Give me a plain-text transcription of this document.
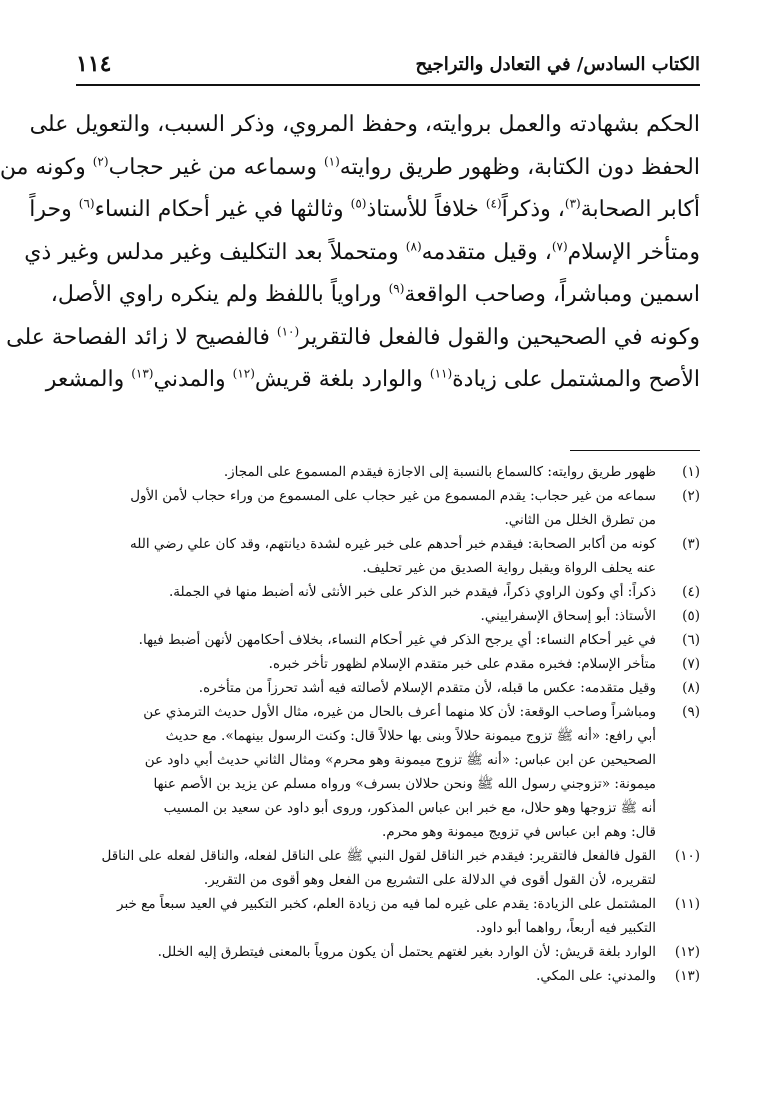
الكتاب السادس/ في التعادل والتراجيح
١١٤
الحكم بشهادته والعمل بروايته، وحفظ المروي، وذكر السبب، والتعويل على
الحفظ دون الكتابة، وظهور طريق روايته$^{(١)}$ وسماعه من غير حجاب$^{(٢)}$ وكونه من
أكابر الصحابة$^{(٣)}$، وذكراً$^{(٤)}$ خلافاً للأستاذ$^{(٥)}$ وثالثها في غير أحكام النساء$^{(٦)}$ وحراً
ومتأخر الإسلام$^{(٧)}$، وقيل متقدمه$^{(٨)}$ ومتحملاً بعد التكليف وغير مدلس وغير ذي
اسمين ومباشراً، وصاحب الواقعة$^{(٩)}$ وراوياً باللفظ ولم ينكره راوي الأصل،
وكونه في الصحيحين والقول فالفعل فالتقرير$^{(١٠)}$ فالفصيح لا زائد الفصاحة على
الأصح والمشتمل على زيادة$^{(١١)}$ والوارد بلغة قريش$^{(١٢)}$ والمدني$^{(١٣)}$ والمشعر
(١)
ظهور طريق روايته: كالسماع بالنسبة إلى الاجازة فيقدم المسموع على المجاز.
(٢)
سماعه من غير حجاب: يقدم المسموع من غير حجاب على المسموع من وراء حجاب لأمن الأول
من تطرق الخلل من الثاني.
(٣)
كونه من أكابر الصحابة: فيقدم خبر أحدهم على خبر غيره لشدة ديانتهم، وقد كان علي رضي الله
عنه يحلف الرواة ويقبل رواية الصديق من غير تحليف.
(٤)
ذكراً: أي وكون الراوي ذكراً، فيقدم خبر الذكر على خبر الأنثى لأنه أضبط منها في الجملة.
(٥)
الأستاذ: أبو إسحاق الإسفراييني.
(٦)
في غير أحكام النساء: أي يرجح الذكر في غير أحكام النساء، بخلاف أحكامهن لأنهن أضبط فيها.
(٧)
متأخر الإسلام: فخبره مقدم على خبر متقدم الإسلام لظهور تأخر خبره.
(٨)
وقيل متقدمه: عكس ما قبله، لأن متقدم الإسلام لأصالته فيه أشد تحرزاً من متأخره.
(٩)
ومباشراً وصاحب الوقعة: لأن كلا منهما أعرف بالحال من غيره، مثال الأول حديث الترمذي عن
أبي رافع: «أنه ﷺ تزوج ميمونة حلالاً وبنى بها حلالاً قال: وكنت الرسول بينهما». مع حديث
الصحيحين عن ابن عباس: «أنه ﷺ تزوج ميمونة وهو محرم» ومثال الثاني حديث أبي داود عن
ميمونة: «تزوجني رسول الله ﷺ ونحن حلالان بسرف» ورواه مسلم عن يزيد بن الأصم عنها
أنه ﷺ تزوجها وهو حلال، مع خبر ابن عباس المذكور، وروى أبو داود عن سعيد بن المسيب
قال: وهم ابن عباس في تزويج ميمونة وهو محرم.
(١٠)
القول فالفعل فالتقرير: فيقدم خبر الناقل لقول النبي ﷺ على الناقل لفعله، والناقل لفعله على الناقل
لتقريره، لأن القول أقوى في الدلالة على التشريع من الفعل وهو أقوى من التقرير.
(١١)
المشتمل على الزيادة: يقدم على غيره لما فيه من زيادة العلم، كخبر التكبير في العيد سبعاً مع خبر
التكبير فيه أربعاً، رواهما أبو داود.
(١٢)
الوارد بلغة قريش: لأن الوارد بغير لغتهم يحتمل أن يكون مروياً بالمعنى فيتطرق إليه الخلل.
(١٣)
والمدني: على المكي.
